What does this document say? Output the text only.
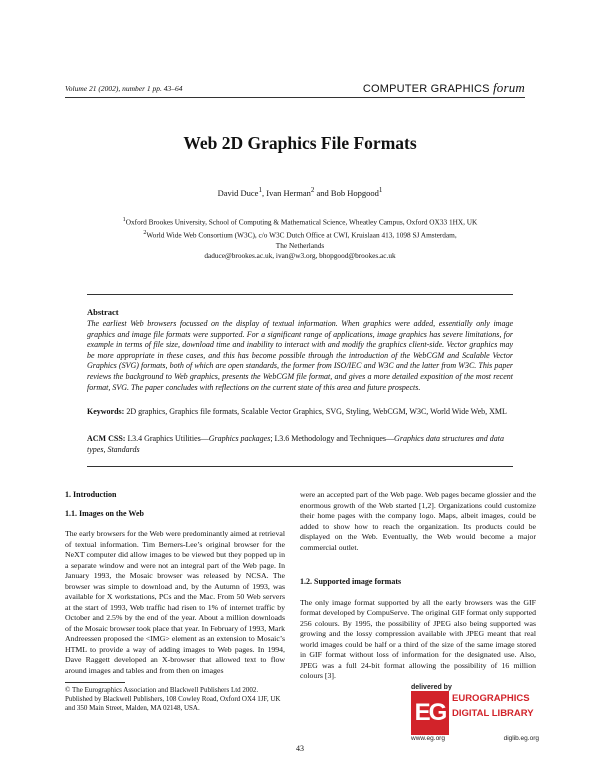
Volume 21 (2002), number 1 pp. 43–64	COMPUTER GRAPHICS forum
Web 2D Graphics File Formats
David Duce$^1$, Ivan Herman$^2$ and Bob Hopgood$^1$
$^1$Oxford Brookes University, School of Computing & Mathematical Science, Wheatley Campus, Oxford OX33 1HX, UK
$^2$World Wide Web Consortium (W3C), c/o W3C Dutch Office at CWI, Kruislaan 413, 1098 SJ Amsterdam,
The Netherlands
daduce@brookes.ac.uk, ivan@w3.org, bhopgood@brookes.ac.uk
Abstract
The earliest Web browsers focussed on the display of textual information. When graphics were added, essentially only image graphics and image file formats were supported. For a significant range of applications, image graphics has severe limitations, for example in terms of file size, download time and inability to interact with and modify the graphics client-side. Vector graphics may be more appropriate in these cases, and this has become possible through the introduction of the WebCGM and Scalable Vector Graphics (SVG) formats, both of which are open standards, the former from ISO/IEC and W3C and the latter from W3C. This paper reviews the background to Web graphics, presents the WebCGM file format, and gives a more detailed exposition of the most recent format, SVG. The paper concludes with reflections on the current state of this area and future prospects.
Keywords: 2D graphics, Graphics file formats, Scalable Vector Graphics, SVG, Styling, WebCGM, W3C, World Wide Web, XML
ACM CSS: I.3.4 Graphics Utilities—Graphics packages; I.3.6 Methodology and Techniques—Graphics data structures and data types, Standards

1. Introduction

1.1. Images on the Web

The early browsers for the Web were predominantly aimed at retrieval of textual information. Tim Berners-Lee’s original browser for the NeXT computer did allow images to be viewed but they popped up in a separate window and were not an integral part of the Web page. In January 1993, the Mosaic browser was released by NCSA. The browser was simple to download and, by the Autumn of 1993, was available for X workstations, PCs and the Mac. From 50 Web servers at the start of 1993, Web traffic had risen to 1% of internet traffic by October and 2.5% by the end of the year. About a million downloads of the Mosaic browser took place that year. In February of 1993, Mark Andreessen proposed the <IMG> element as an extension to Mosaic’s HTML to provide a way of adding images to Web pages. In 1994, Dave Raggett developed an X-browser that allowed text to flow around images and tables and from then on images

were an accepted part of the Web page. Web pages became glossier and the enormous growth of the Web started [1,2]. Organizations could customize their home pages with the company logo. Maps, albeit images, could be added to show how to reach the organization. Its products could be displayed on the Web. Eventually, the Web would become a major commercial outlet.

1.2. Supported image formats

The only image format supported by all the early browsers was the GIF format developed by CompuServe. The original GIF format only supported 256 colours. By 1995, the possibility of JPEG also being supported was growing and the lossy compression available with JPEG meant that real world images could be half or a third of the size of the same image stored in GIF format without loss of information for the designated use. Also, JPEG was a full 24-bit format allowing the possibility of 16 million colours [3].

© The Eurographics Association and Blackwell Publishers Ltd 2002. Published by Blackwell Publishers, 108 Cowley Road, Oxford OX4 1JF, UK and 350 Main Street, Malden, MA 02148, USA.
43
delivered by
EG
EUROGRAPHICS
DIGITAL LIBRARY
www.eg.org	diglib.eg.org
